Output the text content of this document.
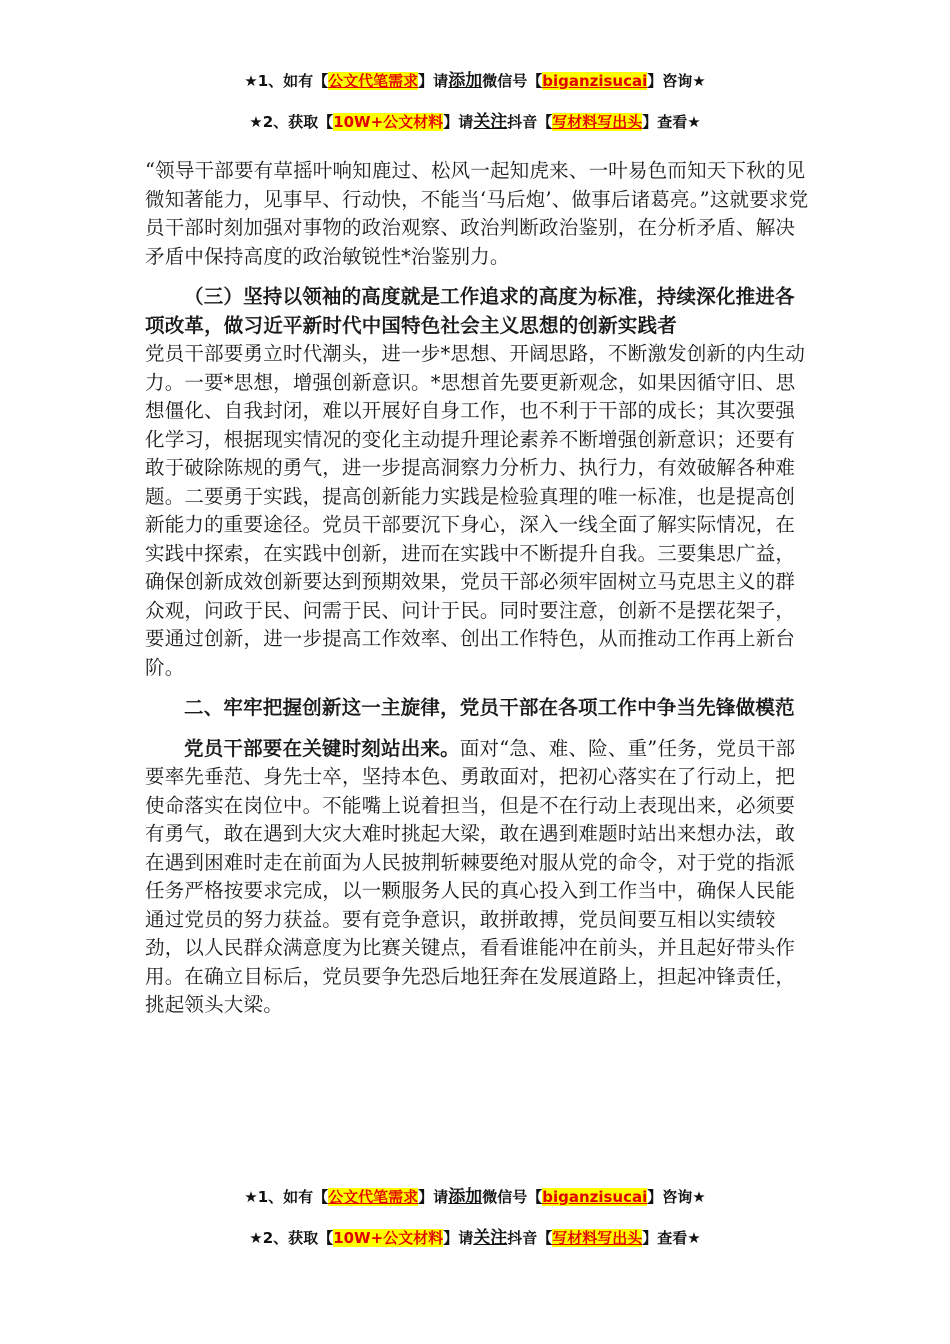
★1、如有【公文代笔需求】请添加微信号【biganzisucai】咨询★
★2、获取【10W+公文材料】请关注抖音【写材料写出头】查看★

“领导干部要有草摇叶响知鹿过、松风一起知虎来、一叶易色而知天下秋的见微知著能力，见事早、行动快，不能当‘马后炮’、做事后诸葛亮。”这就要求党员干部时刻加强对事物的政治观察、政治判断政治鉴别，在分析矛盾、解决矛盾中保持高度的政治敏锐性*治鉴别力。

（三）坚持以领袖的高度就是工作追求的高度为标准，持续深化推进各项改革，做习近平新时代中国特色社会主义思想的创新实践者

党员干部要勇立时代潮头，进一步*思想、开阔思路，不断激发创新的内生动力。一要*思想，增强创新意识。*思想首先要更新观念，如果因循守旧、思想僵化、自我封闭，难以开展好自身工作，也不利于干部的成长；其次要强化学习，根据现实情况的变化主动提升理论素养不断增强创新意识；还要有敢于破除陈规的勇气，进一步提高洞察力分析力、执行力，有效破解各种难题。二要勇于实践，提高创新能力实践是检验真理的唯一标准，也是提高创新能力的重要途径。党员干部要沉下身心，深入一线全面了解实际情况，在实践中探索，在实践中创新，进而在实践中不断提升自我。三要集思广益，确保创新成效创新要达到预期效果，党员干部必须牢固树立马克思主义的群众观，问政于民、问需于民、问计于民。同时要注意，创新不是摆花架子，要通过创新，进一步提高工作效率、创出工作特色，从而推动工作再上新台阶。

二、牢牢把握创新这一主旋律，党员干部在各项工作中争当先锋做模范

党员干部要在关键时刻站出来。面对“急、难、险、重”任务，党员干部要率先垂范、身先士卒，坚持本色、勇敢面对，把初心落实在了行动上，把使命落实在岗位中。不能嘴上说着担当，但是不在行动上表现出来，必须要有勇气，敢在遇到大灾大难时挑起大梁，敢在遇到难题时站出来想办法，敢在遇到困难时走在前面为人民披荆斩棘要绝对服从党的命令，对于党的指派任务严格按要求完成，以一颗服务人民的真心投入到工作当中，确保人民能通过党员的努力获益。要有竞争意识，敢拼敢搏，党员间要互相以实绩较劲，以人民群众满意度为比赛关键点，看看谁能冲在前头，并且起好带头作用。在确立目标后，党员要争先恐后地狂奔在发展道路上，担起冲锋责任，挑起领头大梁。

★1、如有【公文代笔需求】请添加微信号【biganzisucai】咨询★
★2、获取【10W+公文材料】请关注抖音【写材料写出头】查看★
